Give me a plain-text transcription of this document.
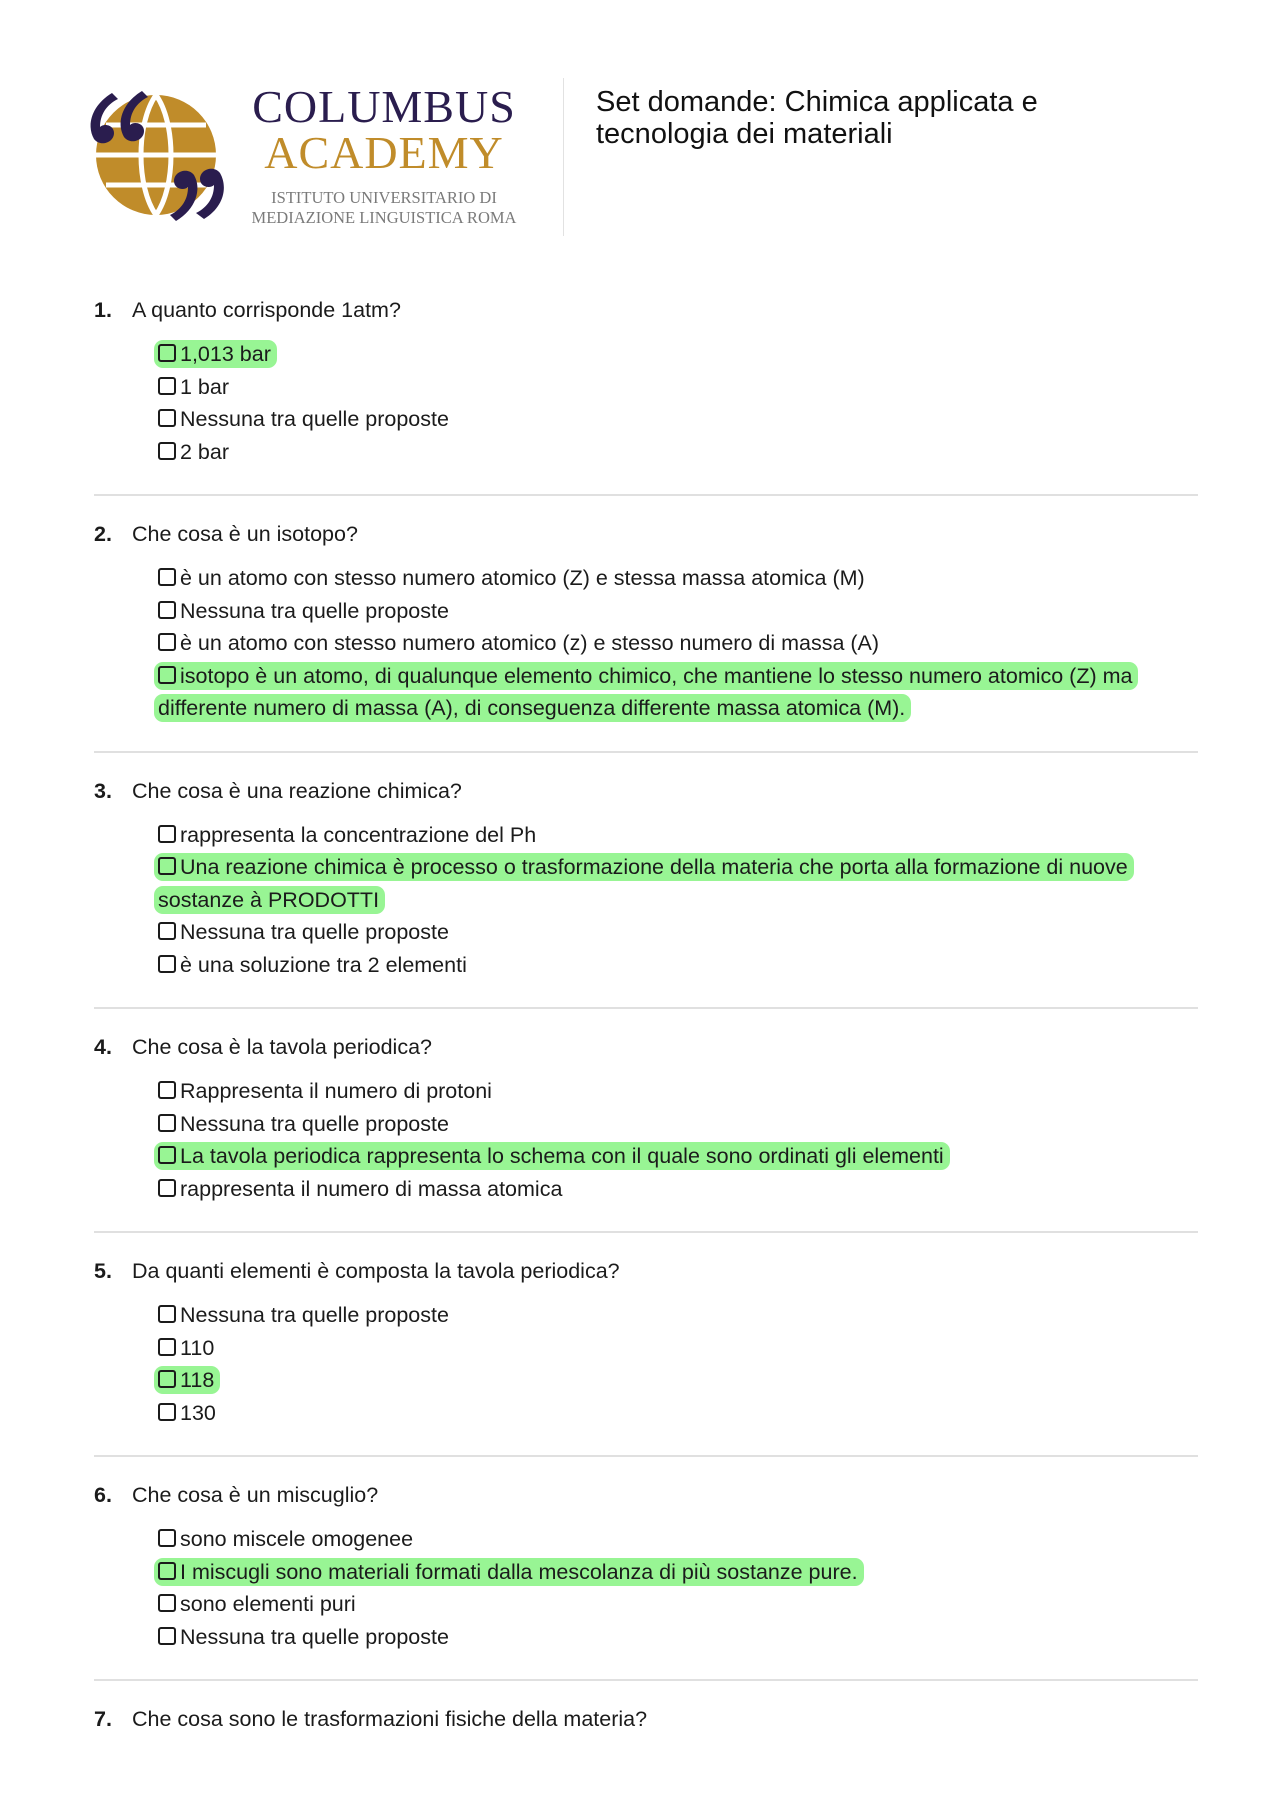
COLUMBUS
ACADEMY
ISTITUTO UNIVERSITARIO DI
MEDIAZIONE LINGUISTICA ROMA
Set domande: Chimica applicata e tecnologia dei materiali
1. A quanto corrisponde 1atm?
1,013 bar
1 bar
Nessuna tra quelle proposte
2 bar
2. Che cosa è un isotopo?
è un atomo con stesso numero atomico (Z) e stessa massa atomica (M)
Nessuna tra quelle proposte
è un atomo con stesso numero atomico (z) e stesso numero di massa (A)
isotopo è un atomo, di qualunque elemento chimico, che mantiene lo stesso numero atomico (Z) ma differente numero di massa (A), di conseguenza differente massa atomica (M).
3. Che cosa è una reazione chimica?
rappresenta la concentrazione del Ph
Una reazione chimica è processo o trasformazione della materia che porta alla formazione di nuove sostanze à PRODOTTI
Nessuna tra quelle proposte
è una soluzione tra 2 elementi
4. Che cosa è la tavola periodica?
Rappresenta il numero di protoni
Nessuna tra quelle proposte
La tavola periodica rappresenta lo schema con il quale sono ordinati gli elementi
rappresenta il numero di massa atomica
5. Da quanti elementi è composta la tavola periodica?
Nessuna tra quelle proposte
110
118
130
6. Che cosa è un miscuglio?
sono miscele omogenee
I miscugli sono materiali formati dalla mescolanza di più sostanze pure.
sono elementi puri
Nessuna tra quelle proposte
7. Che cosa sono le trasformazioni fisiche della materia?
